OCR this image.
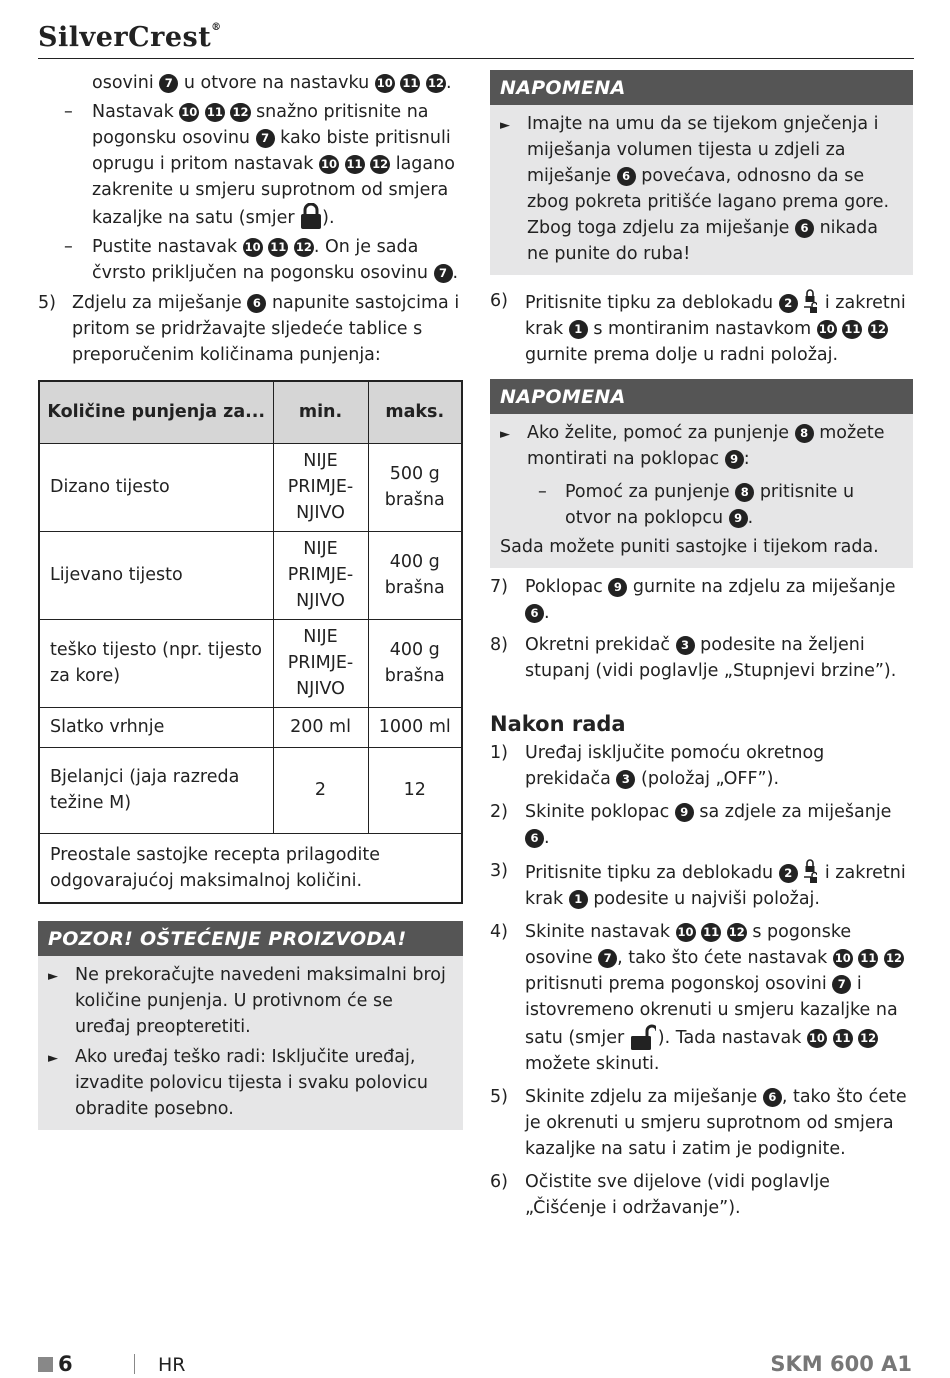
SilverCrest®
osovini 7 u otvore na nastavku 10 11 12 .
–	Nastavak 10 11 12 snažno pritisnite na pogonsku osovinu 7 kako biste pritisnuli oprugu i pritom nastavak 10 11 12 lagano zakrenite u smjeru suprotnom od smjera kazaljke na satu (smjer
).
–	Pustite nastavak 10 11 12 . On je sada čvrsto priključen na pogonsku osovinu 7 .
5) Zdjelu za miješanje 6 napunite sastojcima i pritom se pridržavajte sljedeće tablice s preporučenim količinama punjenja:
Količine punjenja za...	min.	maks.
Dizano tijesto	NIJE PRIMJE-NJIVO	500 g brašna
Lijevano tijesto	NIJE PRIMJE-NJIVO	400 g brašna
teško tijesto (npr. tijesto za kore)	NIJE PRIMJE-NJIVO	400 g brašna
Slatko vrhnje	200 ml	1000 ml
Bjelanjci (jaja razreda težine M)	2	12
Preostale sastojke recepta prilagodite odgovarajućoj maksimalnoj količini.		
POZOR! OŠTEĆENJE PROIZVODA!
► Ne prekoračujte navedeni maksimalni broj količine punjenja. U protivnom će se uređaj preopteretiti.
► Ako uređaj teško radi: Isključite uređaj, izvadite polovicu tijesta i svaku polovicu obradite posebno.
NAPOMENA
► Imajte na umu da se tijekom gnječenja i miješanja volumen tijesta u zdjeli za miješanje 6 povećava, odnosno da se zbog pokreta pritišće lagano prema gore. Zbog toga zdjelu za miješanje 6 nikada ne punite do ruba!
6) Pritisnite tipku za deblokadu 2
i zakretni krak 1 s montiranim nastavkom 10 11 12 gurnite prema dolje u radni položaj.
NAPOMENA
► Ako želite, pomoć za punjenje 8 možete montirati na poklopac 9 :
–	Pomoć za punjenje 8 pritisnite u otvor na poklopcu 9 .
Sada možete puniti sastojke i tijekom rada.
7) Poklopac 9 gurnite na zdjelu za miješanje 6 .
8) Okretni prekidač 3 podesite na željeni stupanj (vidi poglavlje „Stupnjevi brzine”).
Nakon rada
1) Uređaj isključite pomoću okretnog prekidača 3 (položaj „OFF”).
2) Skinite poklopac 9 sa zdjele za miješanje 6 .
3) Pritisnite tipku za deblokadu 2
i zakretni krak 1 podesite u najviši položaj.
4) Skinite nastavak 10 11 12 s pogonske osovine 7 , tako što ćete nastavak 10 11 12 pritisnuti prema pogonskoj osovini 7 i istovremeno okrenuti u smjeru kazaljke na satu (smjer
). Tada nastavak 10 11 12 možete skinuti.
5) Skinite zdjelu za miješanje 6 , tako što ćete je okrenuti u smjeru suprotnom od smjera kazaljke na satu i zatim je podignite.
6) Očistite sve dijelove (vidi poglavlje „Čišćenje i održavanje”).
6	HR	SKM 600 A1
